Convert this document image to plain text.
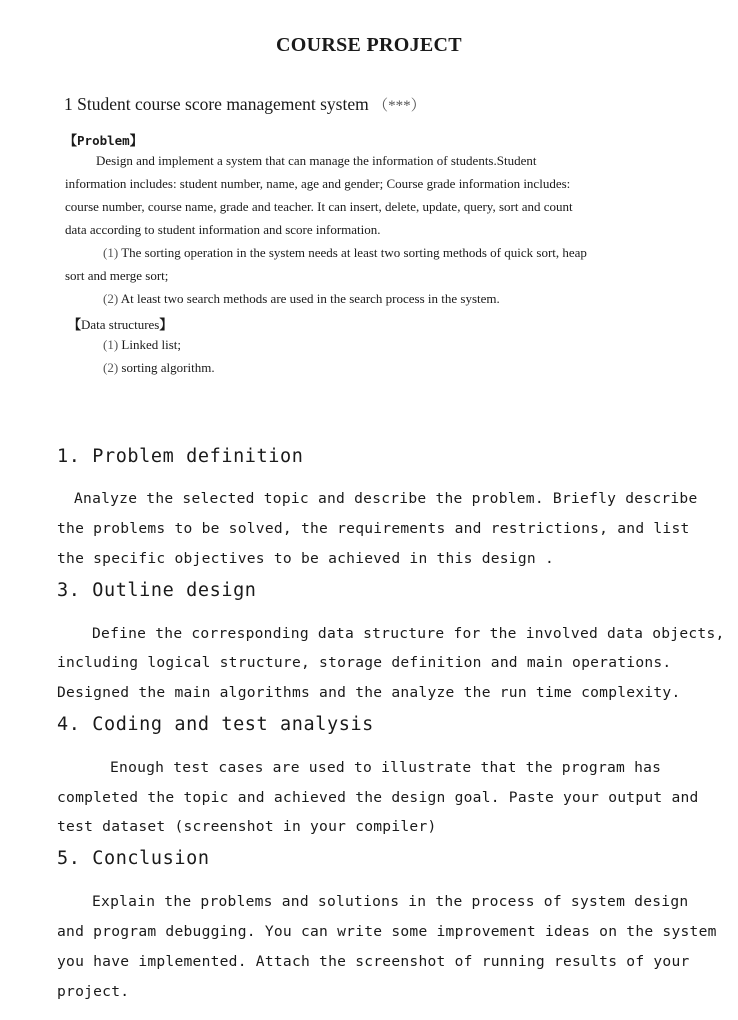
COURSE PROJECT
1 Student course score management system （***）
【Problem】
Design and implement a system that can manage the information of students.Student
information includes: student number, name, age and gender; Course grade information includes:
course number, course name, grade and teacher. It can insert, delete, update, query, sort and count
data according to student information and score information.
(1) The sorting operation in the system needs at least two sorting methods of quick sort, heap
sort and merge sort;
(2) At least two search methods are used in the search process in the system.
【Data structures】
(1) Linked list;
(2) sorting algorithm.
1. Problem definition
Analyze the selected topic and describe the problem. Briefly describe
the problems to be solved, the requirements and restrictions, and list
the specific objectives to be achieved in this design .
3. Outline design
Define the corresponding data structure for the involved data objects,
including logical structure, storage definition and main operations.
Designed the main algorithms and the analyze the run time complexity.
4. Coding and test analysis
Enough test cases are used to illustrate that the program has
completed the topic and achieved the design goal. Paste your output and
test dataset (screenshot in your compiler)
5. Conclusion
Explain the problems and solutions in the process of system design
and program debugging. You can write some improvement ideas on the system
you have implemented. Attach the screenshot of running results of your
project.
